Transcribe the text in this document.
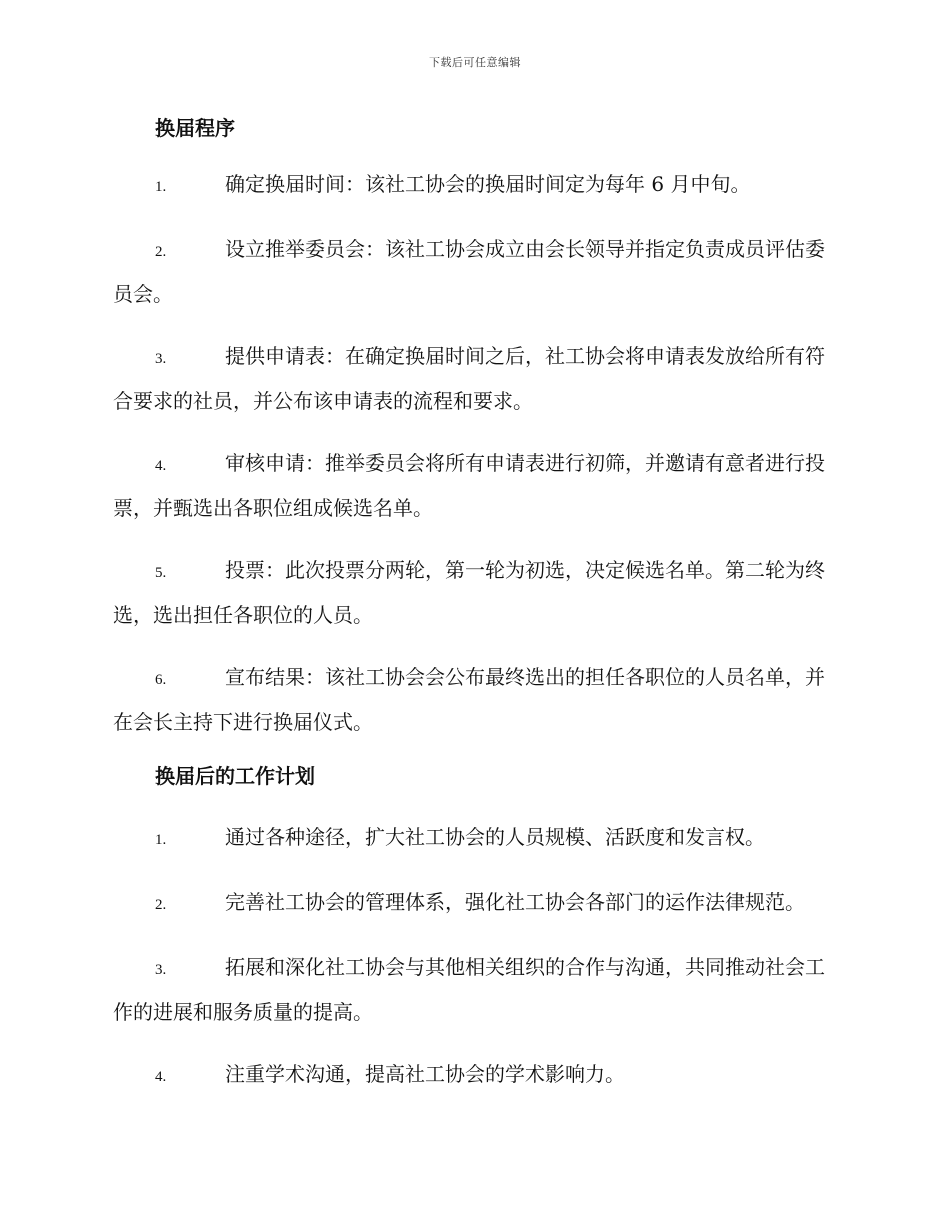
下载后可任意编辑
换届程序

1.	确定换届时间：该社工协会的换届时间定为每年 6 月中旬。

2.	设立推举委员会：该社工协会成立由会长领导并指定负责成员评估委员会。

3.	提供申请表：在确定换届时间之后，社工协会将申请表发放给所有符合要求的社员，并公布该申请表的流程和要求。

4.	审核申请：推举委员会将所有申请表进行初筛，并邀请有意者进行投票，并甄选出各职位组成候选名单。

5.	投票：此次投票分两轮，第一轮为初选，决定候选名单。第二轮为终选，选出担任各职位的人员。

6.	宣布结果：该社工协会会公布最终选出的担任各职位的人员名单，并在会长主持下进行换届仪式。

换届后的工作计划

1.	通过各种途径，扩大社工协会的人员规模、活跃度和发言权。

2.	完善社工协会的管理体系，强化社工协会各部门的运作法律规范。

3.	拓展和深化社工协会与其他相关组织的合作与沟通，共同推动社会工作的进展和服务质量的提高。

4.	注重学术沟通，提高社工协会的学术影响力。
